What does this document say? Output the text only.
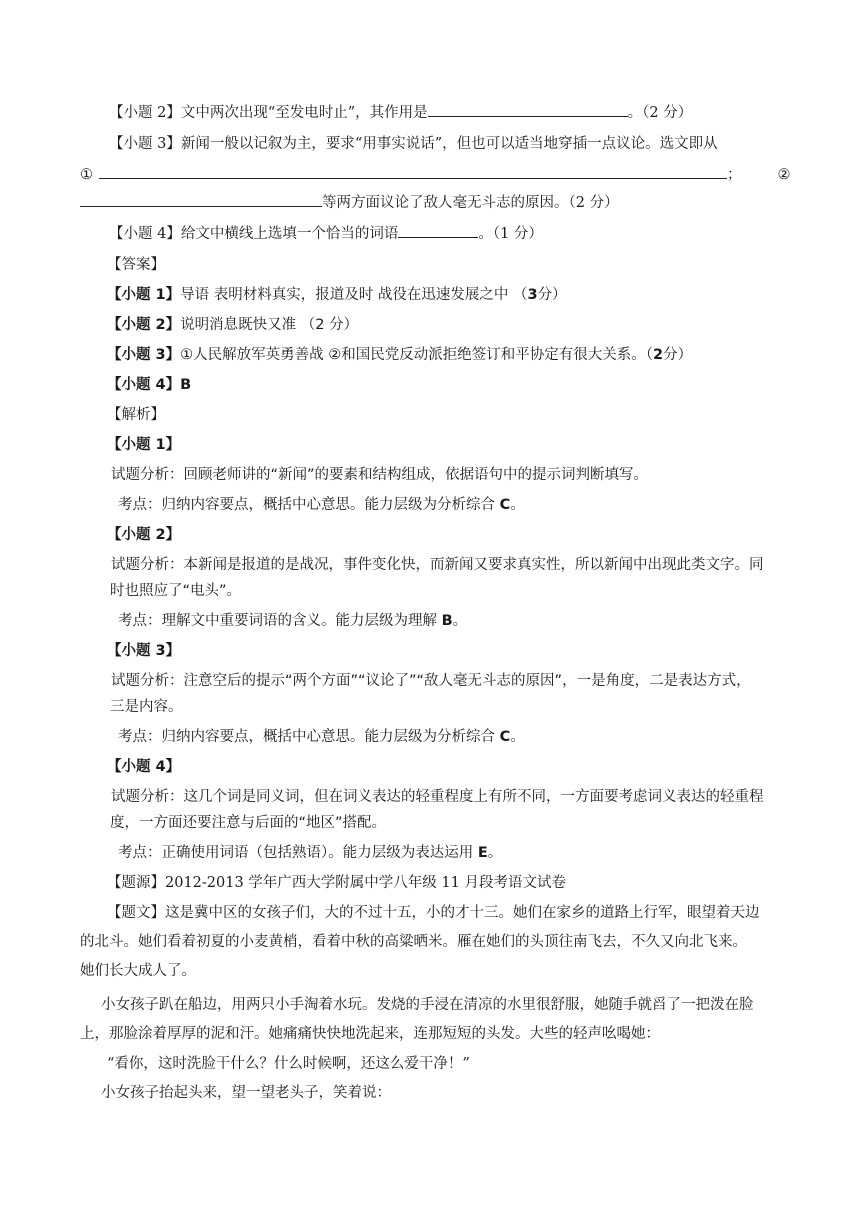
【小题 2】文中两次出现“至发电时止”，其作用是	。（2 分）
【小题 3】新闻一般以记叙为主，要求“用事实说话”，但也可以适当地穿插一点议论。选文即从
①	； ②
等两方面议论了敌人毫无斗志的原因。（2 分）
【小题 4】给文中横线上选填一个恰当的词语	。（1 分）
【答案】
【小题 1】导语 表明材料真实，报道及时 战役在迅速发展之中 （3分）
【小题 2】说明消息既快又准 （2 分）
【小题 3】①人民解放军英勇善战 ②和国民党反动派拒绝签订和平协定有很大关系。（2分）
【小题 4】B
【解析】
【小题 1】
试题分析：回顾老师讲的“新闻”的要素和结构组成，依据语句中的提示词判断填写。
考点：归纳内容要点，概括中心意思。能力层级为分析综合 C。
【小题 2】
试题分析：本新闻是报道的是战况，事件变化快，而新闻又要求真实性，所以新闻中出现此类文字。同
时也照应了“电头”。
考点：理解文中重要词语的含义。能力层级为理解 B。
【小题 3】
试题分析：注意空后的提示“两个方面”“议论了”“敌人毫无斗志的原因”，一是角度，二是表达方式，
三是内容。
考点：归纳内容要点，概括中心意思。能力层级为分析综合 C。
【小题 4】
试题分析：这几个词是同义词，但在词义表达的轻重程度上有所不同，一方面要考虑词义表达的轻重程
度，一方面还要注意与后面的“地区”搭配。
考点：正确使用词语（包括熟语）。能力层级为表达运用 E。
【题源】2012-2013 学年广西大学附属中学八年级 11 月段考语文试卷
【题文】这是冀中区的女孩子们，大的不过十五，小的才十三。她们在家乡的道路上行军，眼望着天边
的北斗。她们看着初夏的小麦黄梢，看着中秋的高粱晒米。雁在她们的头顶往南飞去，不久又向北飞来。
她们长大成人了。
小女孩子趴在船边，用两只小手淘着水玩。发烧的手浸在清凉的水里很舒服，她随手就舀了一把泼在脸
上，那脸涂着厚厚的泥和汗。她痛痛快快地洗起来，连那短短的头发。大些的轻声吆喝她：
“看你，这时洗脸干什么？什么时候啊，还这么爱干净！”
小女孩子抬起头来，望一望老头子，笑着说：
